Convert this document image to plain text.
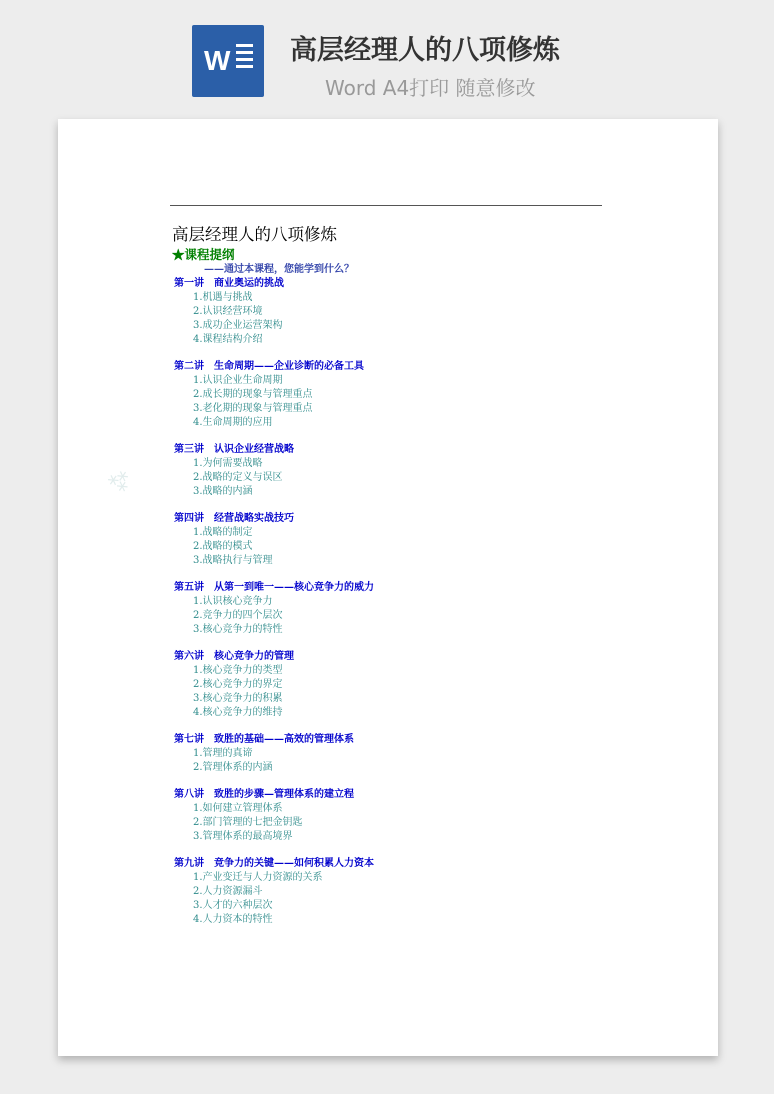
W 高层经理人的八项修炼
Word A4打印 随意修改
⁂
高层经理人的八项修炼
★课程提纲
——通过本课程，您能学到什么？
第一讲　商业奥运的挑战
1.机遇与挑战
2.认识经营环境
3.成功企业运营架构
4.课程结构介绍
第二讲　生命周期——企业诊断的必备工具
1.认识企业生命周期
2.成长期的现象与管理重点
3.老化期的现象与管理重点
4.生命周期的应用
第三讲　认识企业经营战略
1.为何需要战略
2.战略的定义与误区
3.战略的内涵
第四讲　经营战略实战技巧
1.战略的制定
2.战略的模式
3.战略执行与管理
第五讲　从第一到唯一——核心竞争力的威力
1.认识核心竞争力
2.竞争力的四个层次
3.核心竞争力的特性
第六讲　核心竞争力的管理
1.核心竞争力的类型
2.核心竞争力的界定
3.核心竞争力的积累
4.核心竞争力的维持
第七讲　致胜的基础——高效的管理体系
1.管理的真谛
2.管理体系的内涵
第八讲　致胜的步骤—管理体系的建立程
1.如何建立管理体系
2.部门管理的七把金钥匙
3.管理体系的最高境界
第九讲　竞争力的关键——如何积累人力资本
1.产业变迁与人力资源的关系
2.人力资源漏斗
3.人才的六种层次
4.人力资本的特性
